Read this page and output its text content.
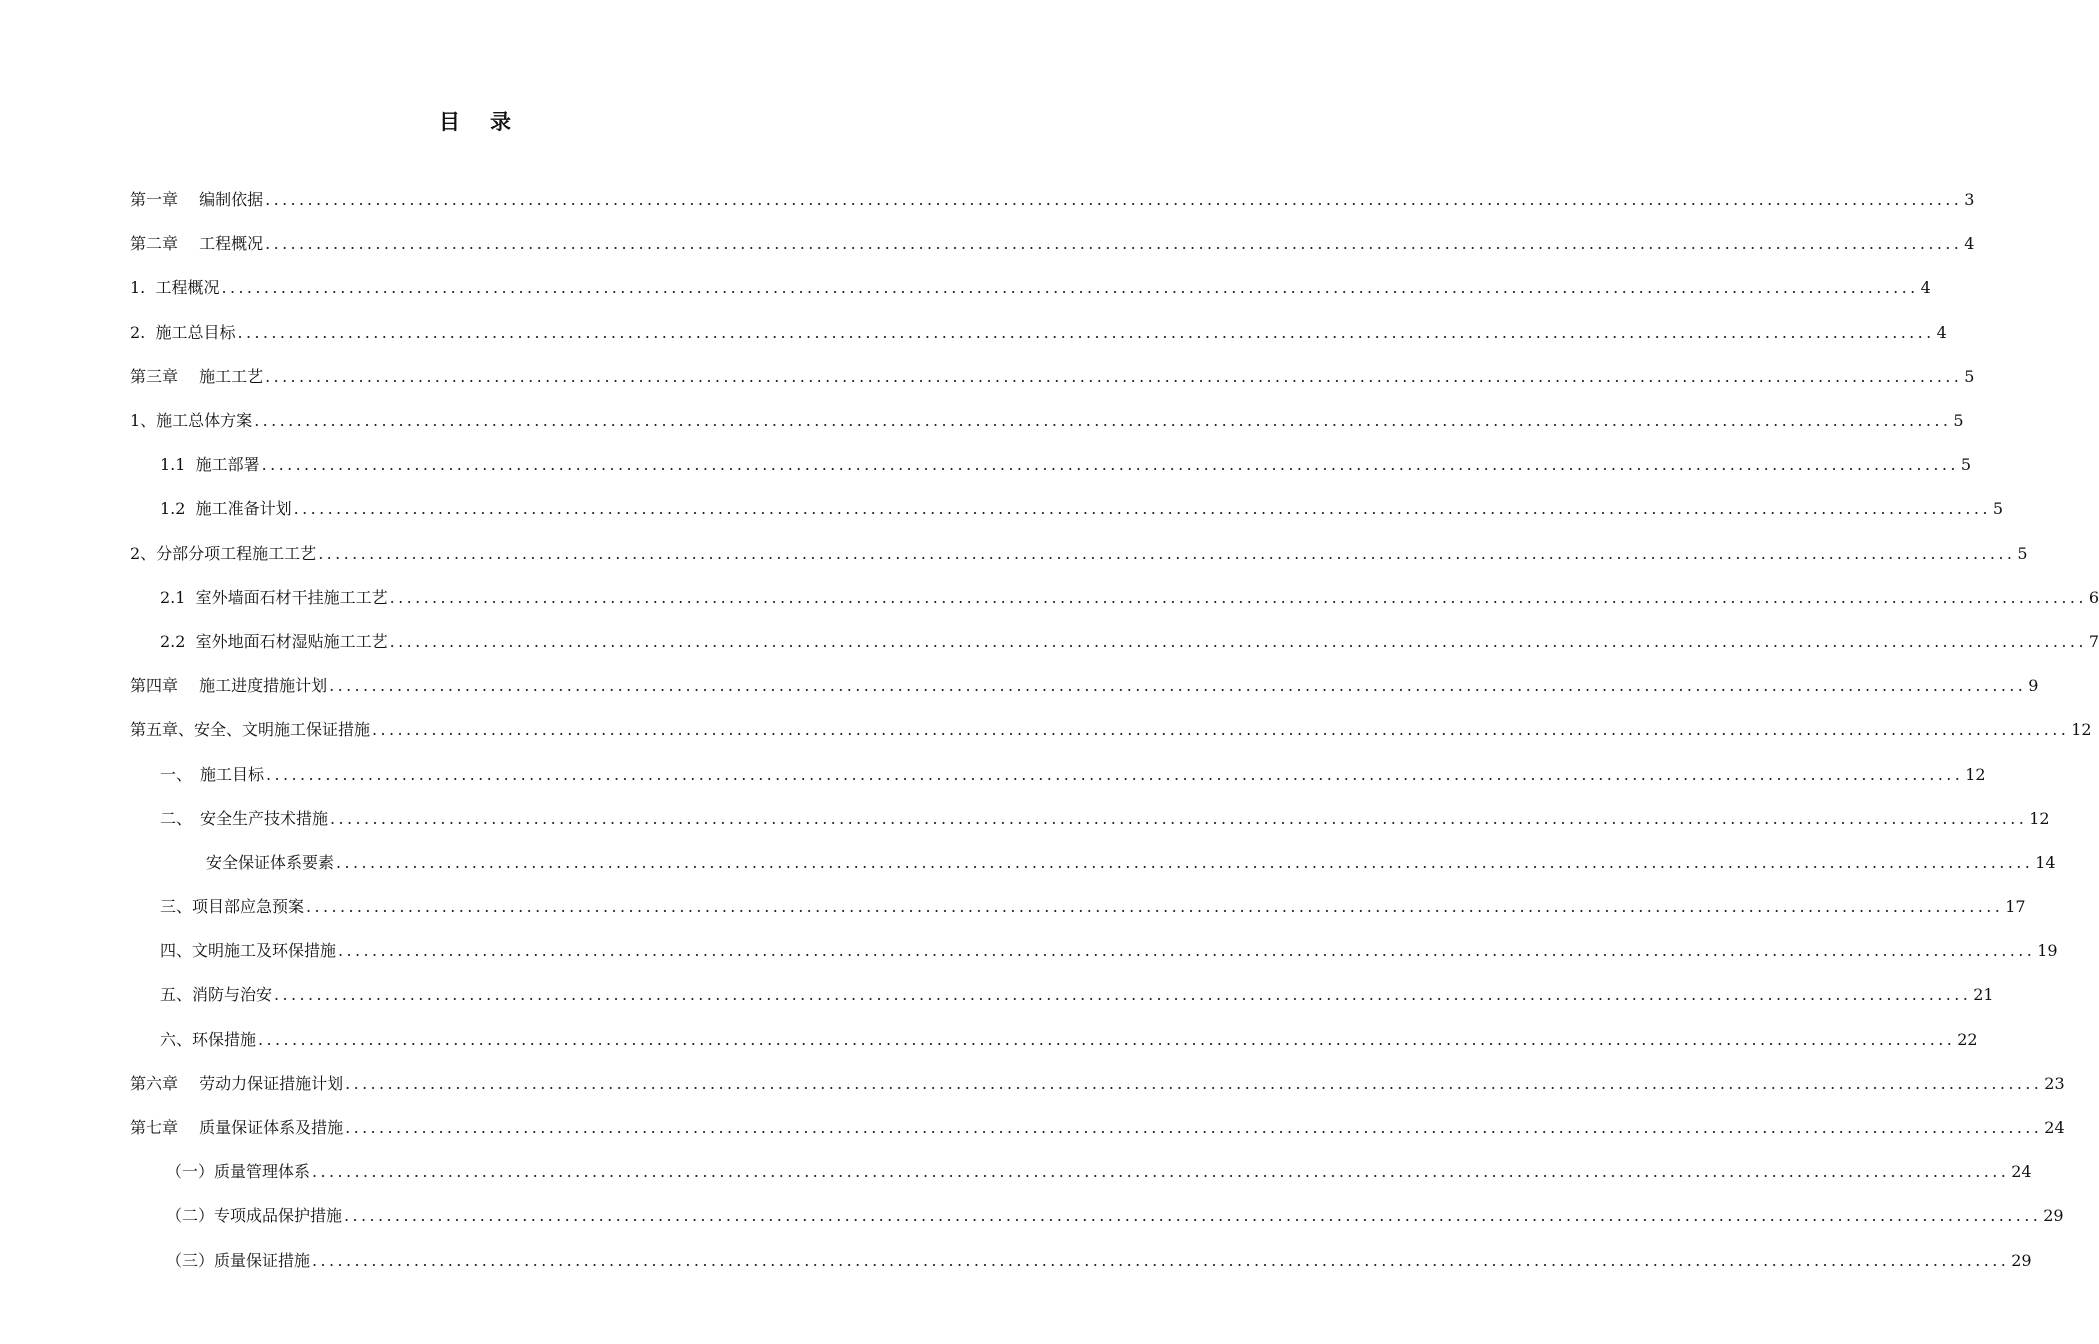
目 录
第一章　 编制依据 ........................................................................................................................................................................................................ 3
第二章　 工程概况 ........................................................................................................................................................................................................ 4
1.  工程概况 ........................................................................................................................................................................................................ 4
2.  施工总目标 ........................................................................................................................................................................................................ 4
第三章　 施工工艺 ........................................................................................................................................................................................................ 5
1、施工总体方案 ........................................................................................................................................................................................................ 5
1.1  施工部署 ........................................................................................................................................................................................................ 5
1.2  施工准备计划 ........................................................................................................................................................................................................ 5
2、分部分项工程施工工艺 ........................................................................................................................................................................................................ 5
2.1  室外墙面石材干挂施工工艺 ........................................................................................................................................................................................................ 6
2.2  室外地面石材湿贴施工工艺 ........................................................................................................................................................................................................ 7
第四章　 施工进度措施计划 ........................................................................................................................................................................................................ 9
第五章、安全、文明施工保证措施 ........................................................................................................................................................................................................ 12
一、　施工目标 ........................................................................................................................................................................................................ 12
二、　安全生产技术措施 ........................................................................................................................................................................................................ 12
安全保证体系要素 ........................................................................................................................................................................................................ 14
三、项目部应急预案 ........................................................................................................................................................................................................ 17
四、文明施工及环保措施 ........................................................................................................................................................................................................ 19
五、消防与治安 ........................................................................................................................................................................................................ 21
六、环保措施 ........................................................................................................................................................................................................ 22
第六章　 劳动力保证措施计划 ........................................................................................................................................................................................................ 23
第七章　 质量保证体系及措施 ........................................................................................................................................................................................................ 24
（一）质量管理体系 ........................................................................................................................................................................................................ 24
（二）专项成品保护措施 ........................................................................................................................................................................................................ 29
（三）质量保证措施 ........................................................................................................................................................................................................ 29
